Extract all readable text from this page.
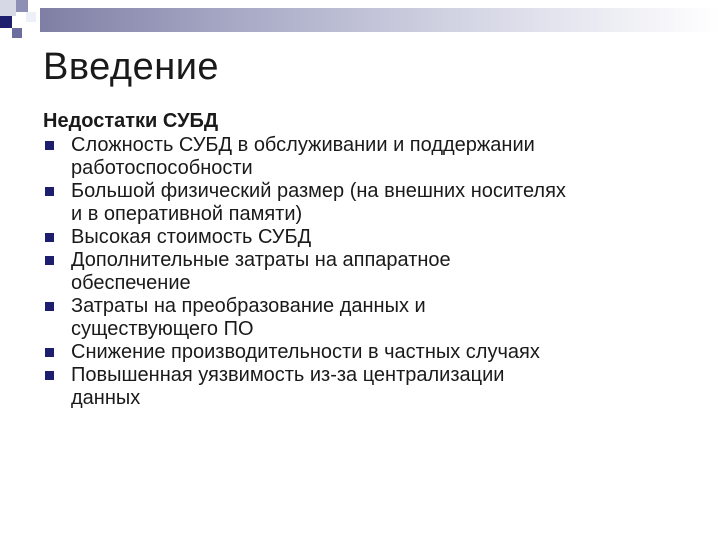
Введение
Недостатки СУБД
Сложность СУБД в обслуживании и поддержании
работоспособности
Большой физический размер (на внешних носителях
и в оперативной памяти)
Высокая стоимость СУБД
Дополнительные затраты на аппаратное
обеспечение
Затраты на преобразование данных и
существующего ПО
Снижение производительности в частных случаях
Повышенная уязвимость из-за централизации
данных
